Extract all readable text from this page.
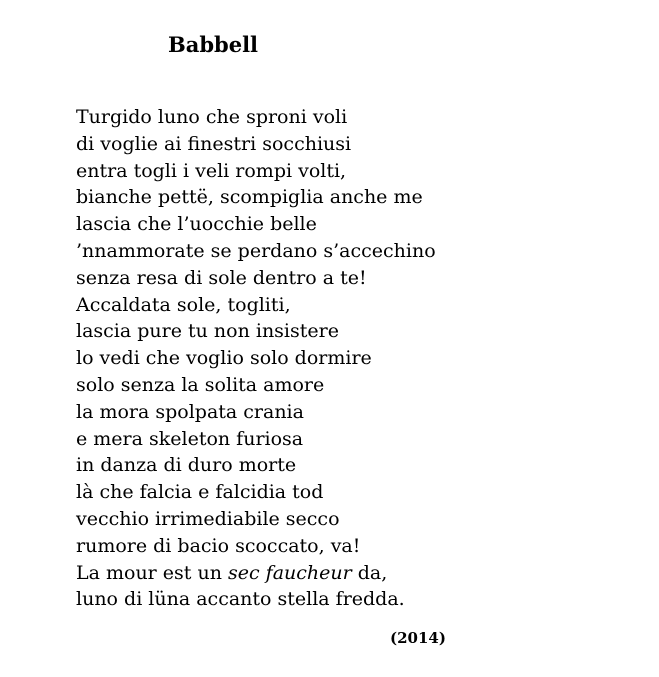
Babbell
Turgido luno che sproni voli
di voglie ai finestri socchiusi
entra togli i veli rompi volti,
bianche pettë, scompiglia anche me
lascia che l’uocchie belle
’nnammorate se perdano s’accechino
senza resa di sole dentro a te!
Accaldata sole, togliti,
lascia pure tu non insistere
lo vedi che voglio solo dormire
solo senza la solita amore
la mora spolpata crania
e mera skeleton furiosa
in danza di duro morte
là che falcia e falcidia tod
vecchio irrimediabile secco
rumore di bacio scoccato, va!
La mour est un sec faucheur da,
luno di lüna accanto stella fredda.
(2014)
